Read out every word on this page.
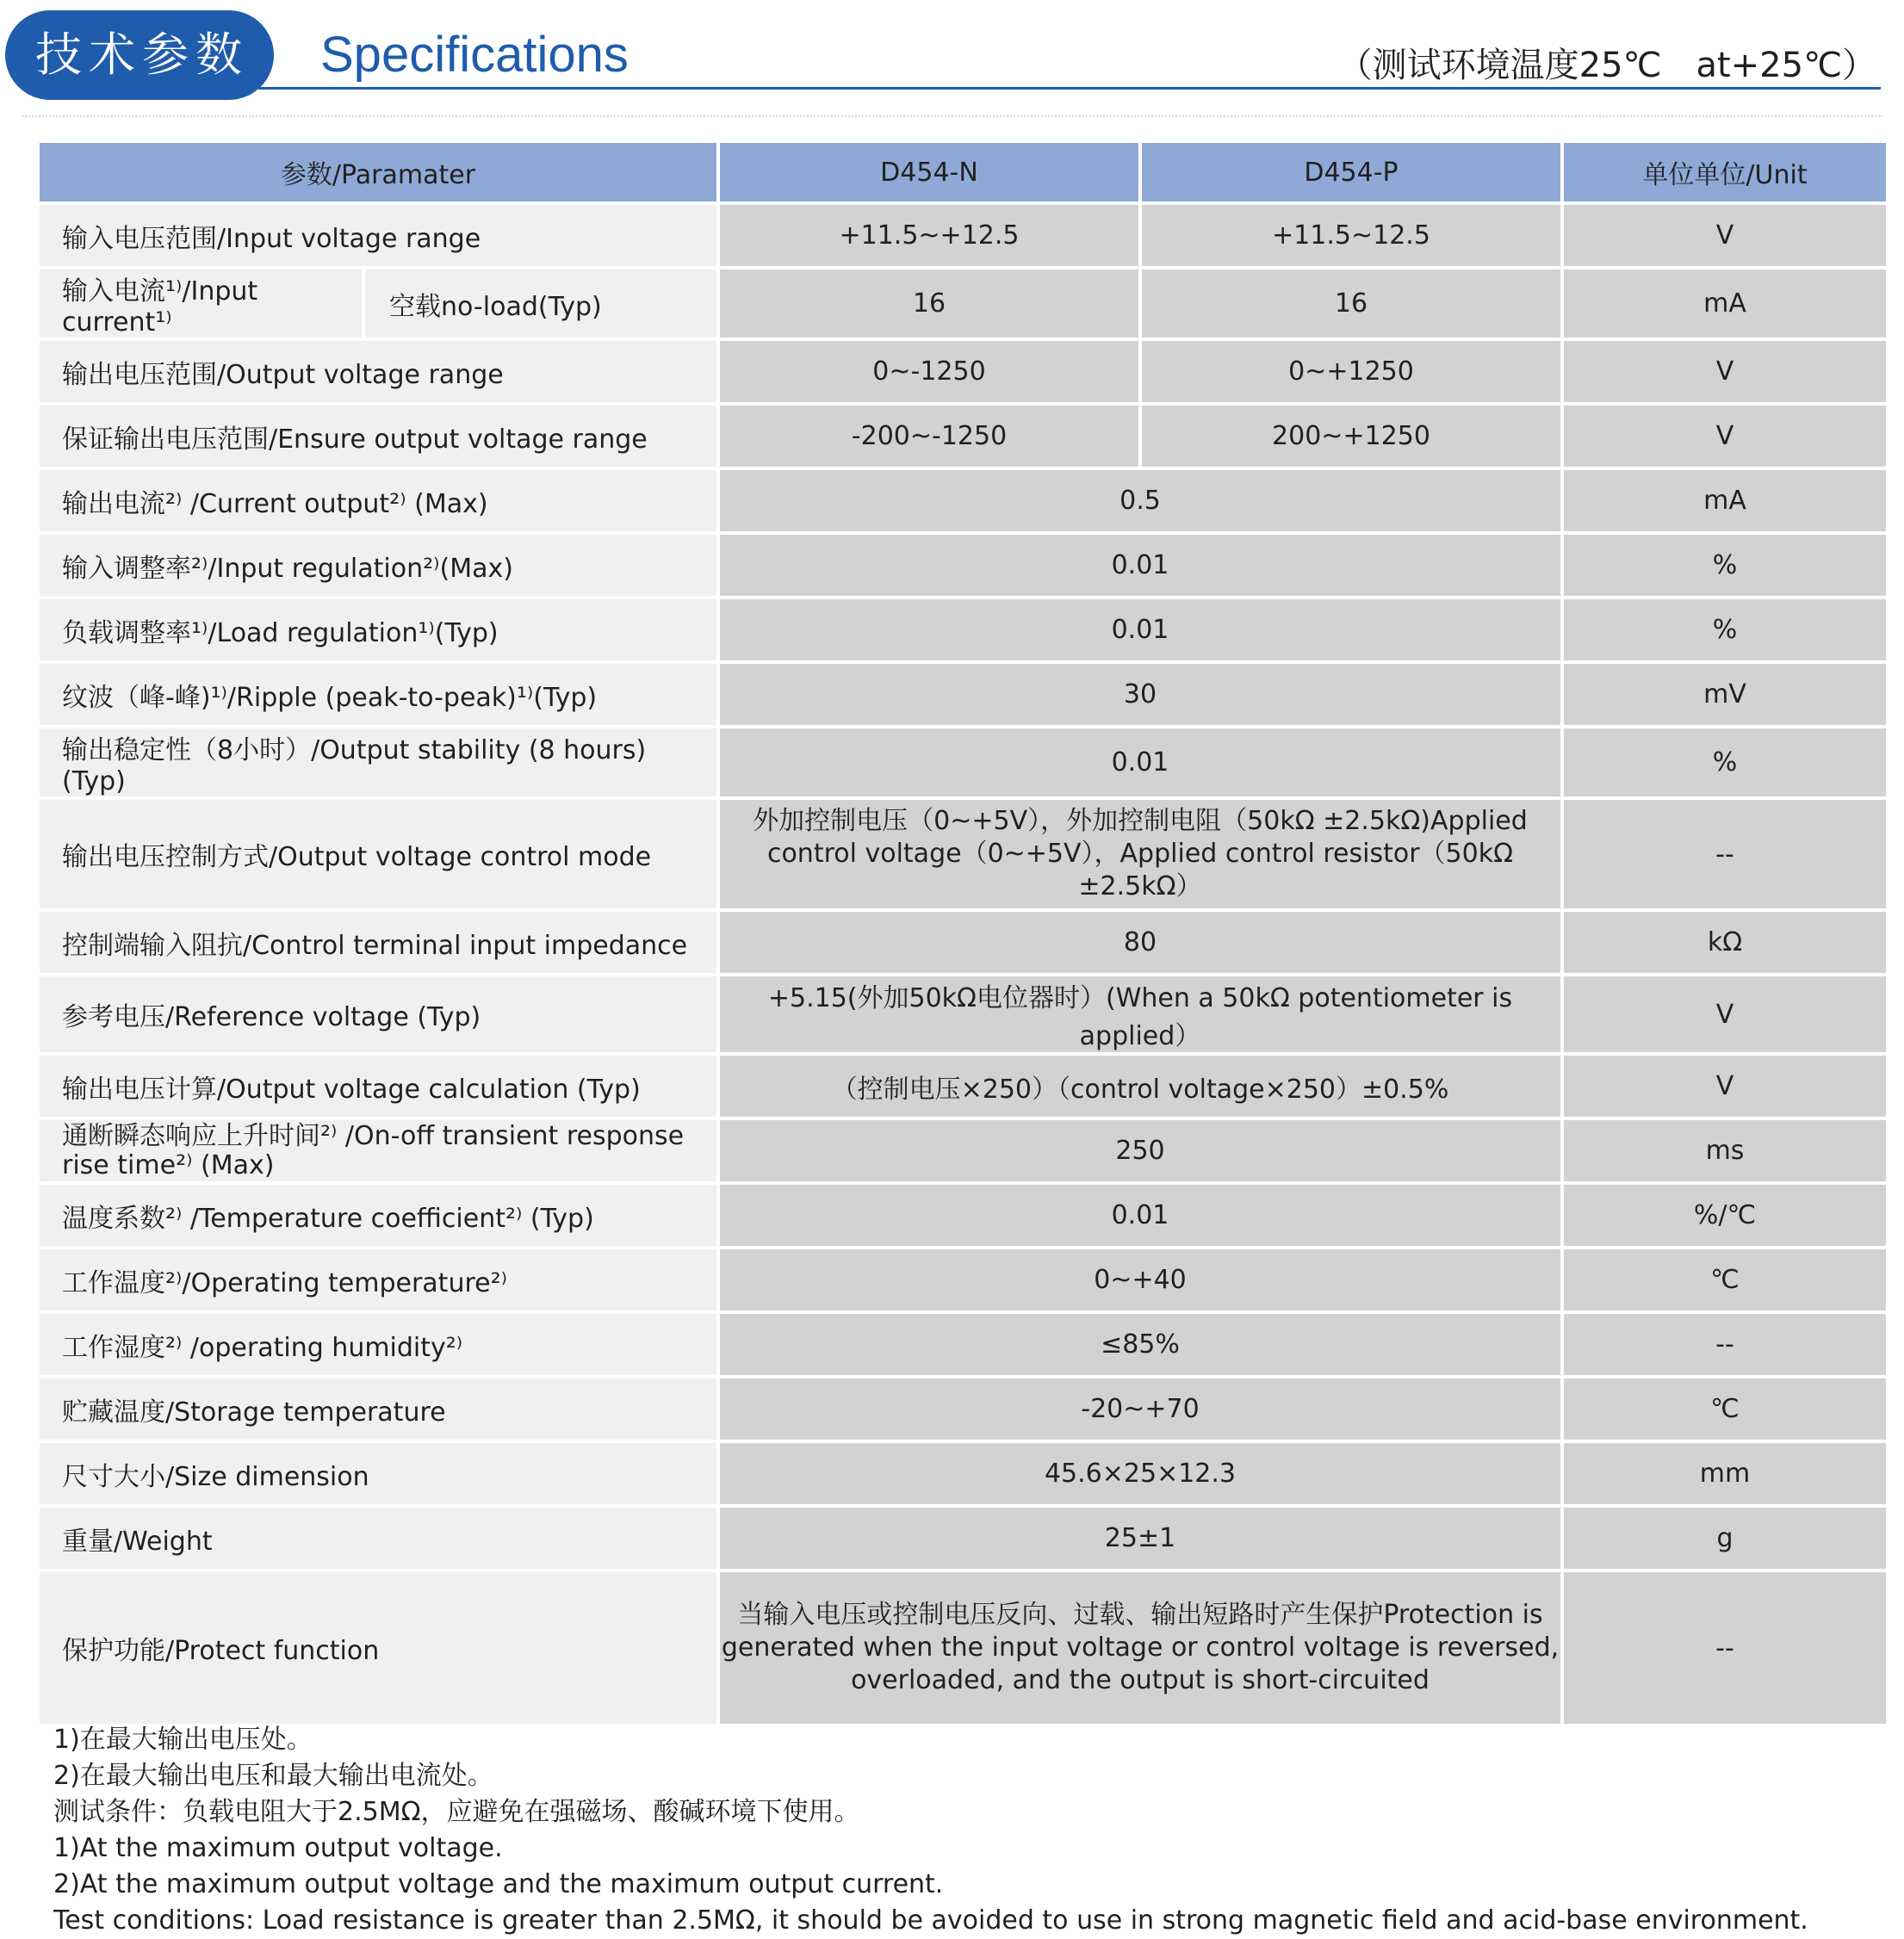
技术参数	Specifications	（测试环境温度25℃　at+25℃）
参数/Paramater		D454-N	D454-P	单位单位/Unit
输入电压范围/Input voltage range		+11.5~+12.5	+11.5~12.5	V
输入电流¹⁾/Input current¹⁾	空载no-load(Typ)	16	16	mA
输出电压范围/Output voltage range		0~-1250	0~+1250	V
保证输出电压范围/Ensure output voltage range		-200~-1250	200~+1250	V
输出电流²⁾ /Current output²⁾ (Max)		0.5		mA
输入调整率²⁾/Input regulation²⁾(Max)		0.01		%
负载调整率¹⁾/Load regulation¹⁾(Typ)		0.01		%
纹波（峰-峰)¹⁾/Ripple (peak-to-peak)¹⁾(Typ)		30		mV
输出稳定性（8小时）/Output stability (8 hours) (Typ)		0.01		%
输出电压控制方式/Output voltage control mode		外加控制电压（0~+5V），外加控制电阻（50kΩ ±2.5kΩ)Applied control voltage（0~+5V），Applied control resistor（50kΩ ±2.5kΩ）		--
控制端输入阻抗/Control terminal input impedance		80		kΩ
参考电压/Reference voltage (Typ)		+5.15(外加50kΩ电位器时）(When a 50kΩ potentiometer is applied）		V
输出电压计算/Output voltage calculation (Typ)		（控制电压×250）（control voltage×250）±0.5%		V
通断瞬态响应上升时间²⁾ /On-off transient response rise time²⁾ (Max)		250		ms
温度系数²⁾ /Temperature coefficient²⁾ (Typ)		0.01		%/℃
工作温度²⁾/Operating temperature²⁾		0~+40		℃
工作湿度²⁾ /operating humidity²⁾		≤85%		--
贮藏温度/Storage temperature		-20~+70		℃
尺寸大小/Size dimension		45.6×25×12.3		mm
重量/Weight		25±1		g
保护功能/Protect function		当输入电压或控制电压反向、过载、输出短路时产生保护Protection is generated when the input voltage or control voltage is reversed, overloaded, and the output is short-circuited		--
1)在最大输出电压处。
2)在最大输出电压和最大输出电流处。
测试条件：负载电阻大于2.5MΩ，应避免在强磁场、酸碱环境下使用。
1)At the maximum output voltage.
2)At the maximum output voltage and the maximum output current.
Test conditions: Load resistance is greater than 2.5MΩ, it should be avoided to use in strong magnetic field and acid-base environment.
